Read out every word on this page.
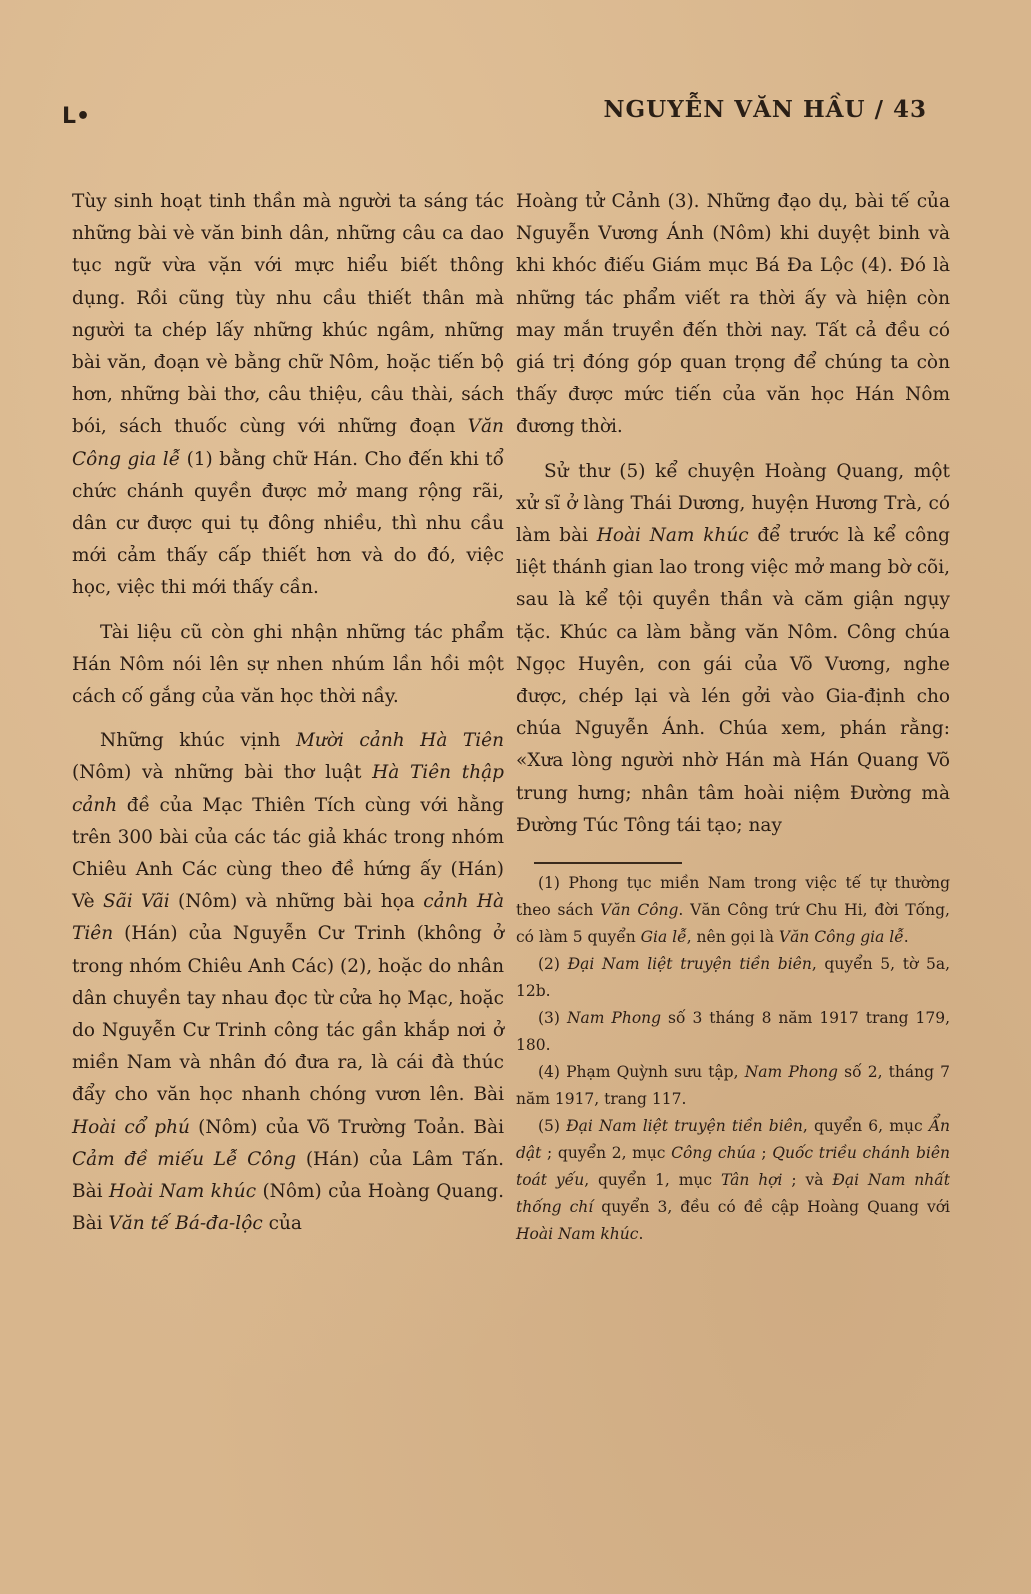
L•	NGUYỄN VĂN HẦU / 43

Tùy sinh hoạt tinh thần mà người ta sáng tác những bài vè văn binh dân, những câu ca dao tục ngữ vừa vặn với mực hiểu biết thông dụng. Rồi cũng tùy nhu cầu thiết thân mà người ta chép lấy những khúc ngâm, những bài văn, đoạn vè bằng chữ Nôm, hoặc tiến bộ hơn, những bài thơ, câu thiệu, câu thài, sách bói, sách thuốc cùng với những đoạn Văn Công gia lễ (1) bằng chữ Hán. Cho đến khi tổ chức chánh quyền được mở mang rộng rãi, dân cư được qui tụ đông nhiều, thì nhu cầu mới cảm thấy cấp thiết hơn và do đó, việc học, việc thi mới thấy cần.

Tài liệu cũ còn ghi nhận những tác phẩm Hán Nôm nói lên sự nhen nhúm lần hồi một cách cố gắng của văn học thời nầy.

Những khúc vịnh Mười cảnh Hà Tiên (Nôm) và những bài thơ luật Hà Tiên thập cảnh đề của Mạc Thiên Tích cùng với hằng trên 300 bài của các tác giả khác trong nhóm Chiêu Anh Các cùng theo đề hứng ấy (Hán) Vè Sãi Vãi (Nôm) và những bài họa cảnh Hà Tiên (Hán) của Nguyễn Cư Trinh (không ở trong nhóm Chiêu Anh Các) (2), hoặc do nhân dân chuyền tay nhau đọc từ cửa họ Mạc, hoặc do Nguyễn Cư Trinh công tác gần khắp nơi ở miền Nam và nhân đó đưa ra, là cái đà thúc đẩy cho văn học nhanh chóng vươn lên. Bài Hoài cổ phú (Nôm) của Võ Trường Toản. Bài Cảm đề miếu Lễ Công (Hán) của Lâm Tấn. Bài Hoài Nam khúc (Nôm) của Hoàng Quang. Bài Văn tế Bá-đa-lộc của

Hoàng tử Cảnh (3). Những đạo dụ, bài tế của Nguyễn Vương Ánh (Nôm) khi duyệt binh và khi khóc điếu Giám mục Bá Đa Lộc (4). Đó là những tác phẩm viết ra thời ấy và hiện còn may mắn truyền đến thời nay. Tất cả đều có giá trị đóng góp quan trọng để chúng ta còn thấy được mức tiến của văn học Hán Nôm đương thời.

Sử thư (5) kể chuyện Hoàng Quang, một xử sĩ ở làng Thái Dương, huyện Hương Trà, có làm bài Hoài Nam khúc để trước là kể công liệt thánh gian lao trong việc mở mang bờ cõi, sau là kể tội quyền thần và căm giận ngụy tặc. Khúc ca làm bằng văn Nôm. Công chúa Ngọc Huyên, con gái của Võ Vương, nghe được, chép lại và lén gởi vào Gia-định cho chúa Nguyễn Ánh. Chúa xem, phán rằng: «Xưa lòng người nhờ Hán mà Hán Quang Võ trung hưng; nhân tâm hoài niệm Đường mà Đường Túc Tông tái tạo; nay

(1) Phong tục miền Nam trong việc tế tự thường theo sách Văn Công. Văn Công trứ Chu Hi, đời Tống, có làm 5 quyển Gia lễ, nên gọi là Văn Công gia lễ.

(2) Đại Nam liệt truyện tiền biên, quyển 5, tờ 5a, 12b.

(3) Nam Phong số 3 tháng 8 năm 1917 trang 179, 180.

(4) Phạm Quỳnh sưu tập, Nam Phong số 2, tháng 7 năm 1917, trang 117.

(5) Đại Nam liệt truyện tiền biên, quyển 6, mục Ẩn dật ; quyển 2, mục Công chúa ; Quốc triều chánh biên toát yếu, quyển 1, mục Tân hợi ; và Đại Nam nhất thống chí quyển 3, đều có đề cập Hoàng Quang với Hoài Nam khúc.
